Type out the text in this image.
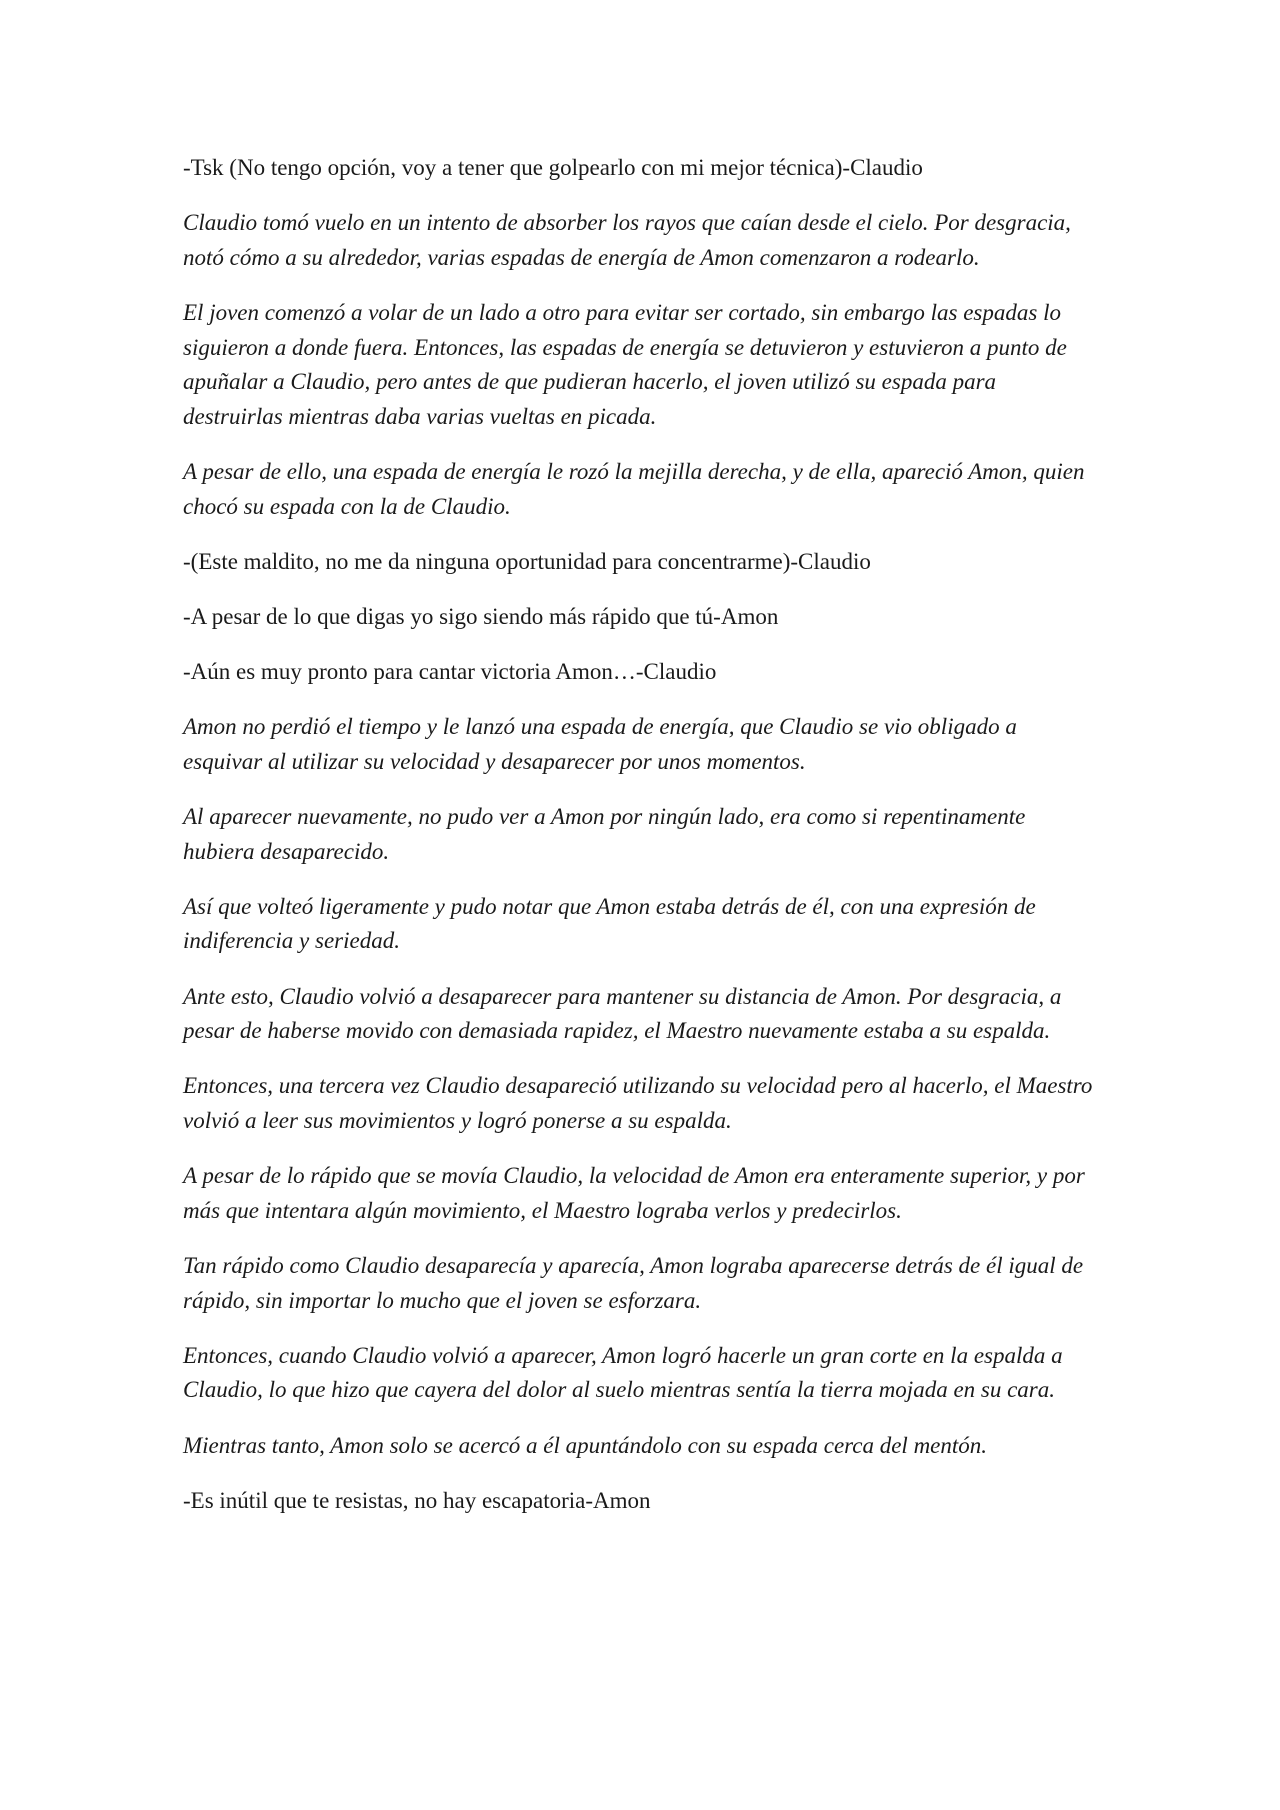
-Tsk (No tengo opción, voy a tener que golpearlo con mi mejor técnica)-Claudio

Claudio tomó vuelo en un intento de absorber los rayos que caían desde el cielo. Por desgracia, notó cómo a su alrededor, varias espadas de energía de Amon comenzaron a rodearlo.

El joven comenzó a volar de un lado a otro para evitar ser cortado, sin embargo las espadas lo siguieron a donde fuera. Entonces, las espadas de energía se detuvieron y estuvieron a punto de apuñalar a Claudio, pero antes de que pudieran hacerlo, el joven utilizó su espada para destruirlas mientras daba varias vueltas en picada.

A pesar de ello, una espada de energía le rozó la mejilla derecha, y de ella, apareció Amon, quien chocó su espada con la de Claudio.

-(Este maldito, no me da ninguna oportunidad para concentrarme)-Claudio

-A pesar de lo que digas yo sigo siendo más rápido que tú-Amon

-Aún es muy pronto para cantar victoria Amon…-Claudio

Amon no perdió el tiempo y le lanzó una espada de energía, que Claudio se vio obligado a esquivar al utilizar su velocidad y desaparecer por unos momentos.

Al aparecer nuevamente, no pudo ver a Amon por ningún lado, era como si repentinamente hubiera desaparecido.

Así que volteó ligeramente y pudo notar que Amon estaba detrás de él, con una expresión de indiferencia y seriedad.

Ante esto, Claudio volvió a desaparecer para mantener su distancia de Amon. Por desgracia, a pesar de haberse movido con demasiada rapidez, el Maestro nuevamente estaba a su espalda.

Entonces, una tercera vez Claudio desapareció utilizando su velocidad pero al hacerlo, el Maestro volvió a leer sus movimientos y logró ponerse a su espalda.

A pesar de lo rápido que se movía Claudio, la velocidad de Amon era enteramente superior, y por más que intentara algún movimiento, el Maestro lograba verlos y predecirlos.

Tan rápido como Claudio desaparecía y aparecía, Amon lograba aparecerse detrás de él igual de rápido, sin importar lo mucho que el joven se esforzara.

Entonces, cuando Claudio volvió a aparecer, Amon logró hacerle un gran corte en la espalda a Claudio, lo que hizo que cayera del dolor al suelo mientras sentía la tierra mojada en su cara.

Mientras tanto, Amon solo se acercó a él apuntándolo con su espada cerca del mentón.

-Es inútil que te resistas, no hay escapatoria-Amon
